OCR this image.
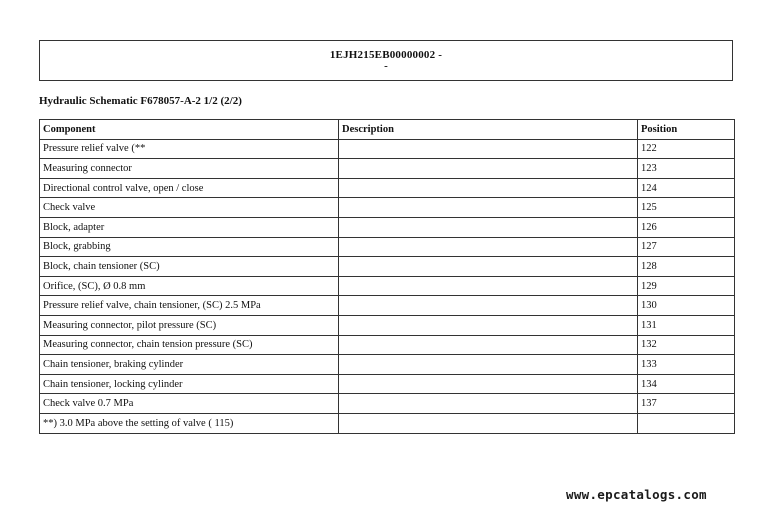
1EJH215EB00000002 -
-
Hydraulic Schematic F678057-A-2 1/2 (2/2)
Component	Description	Position
Pressure relief valve (**		122
Measuring connector		123
Directional control valve, open / close		124
Check valve		125
Block, adapter		126
Block, grabbing		127
Block, chain tensioner (SC)		128
Orifice, (SC), Ø 0.8 mm		129
Pressure relief valve, chain tensioner, (SC) 2.5 MPa		130
Measuring connector, pilot pressure (SC)		131
Measuring connector, chain tension pressure (SC)		132
Chain tensioner, braking cylinder		133
Chain tensioner, locking cylinder		134
Check valve 0.7 MPa		137
**) 3.0 MPa above the setting of valve ( 115)		
www.epcatalogs.com
